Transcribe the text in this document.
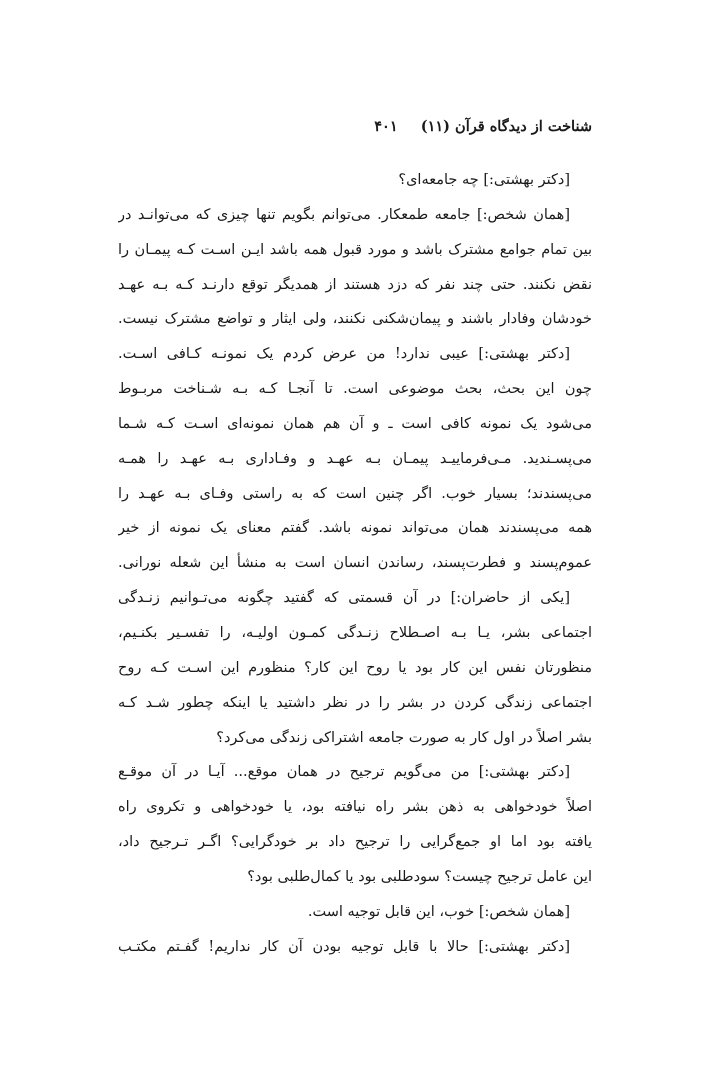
شناخت از دیدگاه قرآن (۱۱) ۴۰۱
[دکتر بهشتی:] چه جامعه‌ای؟
[همان شخص:] جامعه طمعکار. می‌توانم بگویم تنها چیزی که می‌توانـد در
بین تمام جوامع مشترک باشد و مورد قبول همه باشد ایـن اسـت کـه پیمـان را
نقض نکنند. حتی چند نفر که دزد هستند از همدیگر توقع دارنـد کـه بـه عهـد
خودشان وفادار باشند و پیمان‌شکنی نکنند، ولی ایثار و تواضع مشترک نیست.
[دکتر بهشتی:] عیبی ندارد! من عرض کردم یک نمونـه کـافی اسـت.
چون این بحث، بحث موضوعی است. تا آنجـا کـه بـه شـناخت مربـوط
می‌شود یک نمونه کافی است ـ و آن هم همان نمونه‌ای اسـت کـه شـما
می‌پسـندید. مـی‌فرماییـد پیمـان بـه عهـد و وفـاداری بـه عهـد را همـه
می‌پسندند؛ بسیار خوب. اگر چنین است که به راستی وفـای بـه عهـد را
همه می‌پسندند همان می‌تواند نمونه باشد. گفتم معنای یک نمونه از خیر
عموم‌پسند و فطرت‌پسند، رساندن انسان است به منشأ این شعله نورانی.
[یکی از حاضران:] در آن قسمتی که گفتید چگونه می‌تـوانیم زنـدگی
اجتماعی بشر، یـا بـه اصـطلاح زنـدگی کمـون اولیـه، را تفسـیر بکنـیم،
منظورتان نفس این کار بود یا روح این کار؟ منظورم این اسـت کـه روح
اجتماعی زندگی کردن در بشر را در نظر داشتید یا اینکه چطور شـد کـه
بشر اصلاً در اول کار به صورت جامعه اشتراکی زندگی می‌کرد؟
[دکتر بهشتی:] من می‌گویم ترجیح در همان موقع... آیـا در آن موقـع
اصلاً خودخواهی به ذهن بشر راه نیافته بود، یا خودخواهی و تکروی راه
یافته بود اما او جمع‌گرایی را ترجیح داد بر خودگرایی؟ اگـر تـرجیح داد،
این عامل ترجیح چیست؟ سودطلبی بود یا کمال‌طلبی بود؟
[همان شخص:] خوب، این قابل توجیه است.
[دکتر بهشتی:] حالا با قابل توجیه بودن آن کار نداریم! گفـتم مکتـب
